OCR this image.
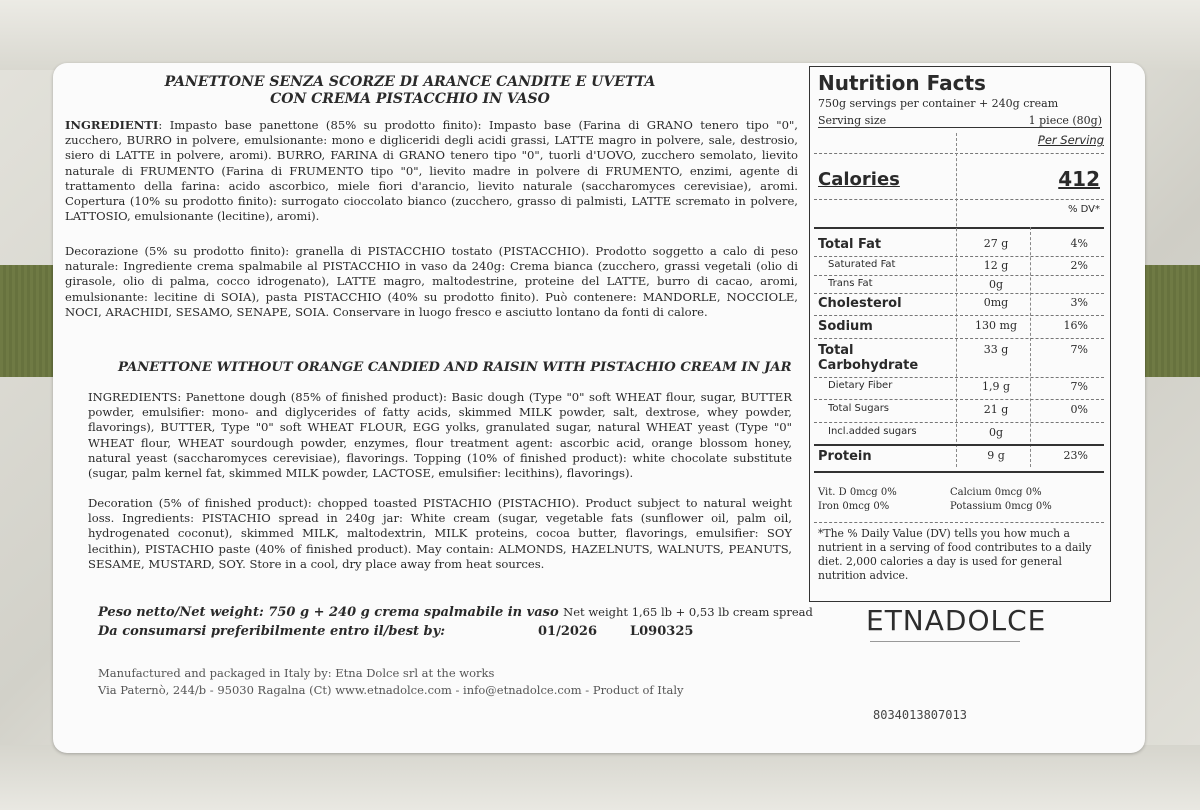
PANETTONE SENZA SCORZE DI ARANCE CANDITE E UVETTA
CON CREMA PISTACCHIO IN VASO
INGREDIENTI: Impasto base panettone (85% su prodotto finito): Impasto base (Farina di GRANO tenero tipo "0", zucchero, BURRO in polvere, emulsionante: mono e digliceridi degli acidi grassi, LATTE magro in polvere, sale, destrosio, siero di LATTE in polvere, aromi). BURRO, FARINA di GRANO tenero tipo "0", tuorli d'UOVO, zucchero semolato, lievito naturale di FRUMENTO (Farina di FRUMENTO tipo "0", lievito madre in polvere di FRUMENTO, enzimi, agente di trattamento della farina: acido ascorbico, miele fiori d'arancio, lievito naturale (saccharomyces cerevisiae), aromi. Copertura (10% su prodotto finito): surrogato cioccolato bianco (zucchero, grasso di palmisti, LATTE scremato in polvere, LATTOSIO, emulsionante (lecitine), aromi).
Decorazione (5% su prodotto finito): granella di PISTACCHIO tostato (PISTACCHIO). Prodotto soggetto a calo di peso naturale: Ingrediente crema spalmabile al PISTACCHIO in vaso da 240g: Crema bianca (zucchero, grassi vegetali (olio di girasole, olio di palma, cocco idrogenato), LATTE magro, maltodestrine, proteine del LATTE, burro di cacao, aromi, emulsionante: lecitine di SOIA), pasta PISTACCHIO (40% su prodotto finito). Può contenere: MANDORLE, NOCCIOLE, NOCI, ARACHIDI, SESAMO, SENAPE, SOIA. Conservare in luogo fresco e asciutto lontano da fonti di calore.
PANETTONE WITHOUT ORANGE CANDIED AND RAISIN WITH PISTACHIO CREAM IN JAR
INGREDIENTS: Panettone dough (85% of finished product): Basic dough (Type "0" soft WHEAT flour, sugar, BUTTER powder, emulsifier: mono- and diglycerides of fatty acids, skimmed MILK powder, salt, dextrose, whey powder, flavorings), BUTTER, Type "0" soft WHEAT FLOUR, EGG yolks, granulated sugar, natural WHEAT yeast (Type "0" WHEAT flour, WHEAT sourdough powder, enzymes, flour treatment agent: ascorbic acid, orange blossom honey, natural yeast (saccharomyces cerevisiae), flavorings. Topping (10% of finished product): white chocolate substitute (sugar, palm kernel fat, skimmed MILK powder, LACTOSE, emulsifier: lecithins), flavorings).
Decoration (5% of finished product): chopped toasted PISTACHIO (PISTACHIO). Product subject to natural weight loss. Ingredients: PISTACHIO spread in 240g jar: White cream (sugar, vegetable fats (sunflower oil, palm oil, hydrogenated coconut), skimmed MILK, maltodextrin, MILK proteins, cocoa butter, flavorings, emulsifier: SOY lecithin), PISTACHIO paste (40% of finished product). May contain: ALMONDS, HAZELNUTS, WALNUTS, PEANUTS, SESAME, MUSTARD, SOY. Store in a cool, dry place away from heat sources.
Peso netto/Net weight: 750 g + 240 g crema spalmabile in vaso Net weight 1,65 lb + 0,53 lb cream spread
Da consumarsi preferibilmente entro il/best by:	01/2026	L090325
Manufactured and packaged in Italy by: Etna Dolce srl at the works
Via Paternò, 244/b - 95030 Ragalna (Ct) www.etnadolce.com - info@etnadolce.com - Product of Italy
Nutrition Facts
750g servings per container + 240g cream
Serving size	1 piece (80g)
Per Serving
Calories	412
% DV*
Total Fat	27 g	4%
Saturated Fat	12 g	2%
Trans Fat	0g
Cholesterol	0mg	3%
Sodium	130 mg	16%
Total Carbohydrate
33 g	7%
Dietary Fiber	1,9 g	7%
Total Sugars	21 g	0%
Incl.added sugars	0g
Protein	9 g	23%
Vit. D 0mcg 0%
Iron 0mcg 0%
Calcium 0mcg 0%
Potassium 0mcg 0%
*The % Daily Value (DV) tells you how much a nutrient in a serving of food contributes to a daily diet. 2,000 calories a day is used for general nutrition advice.
ETNADOLCE
8034013807013
